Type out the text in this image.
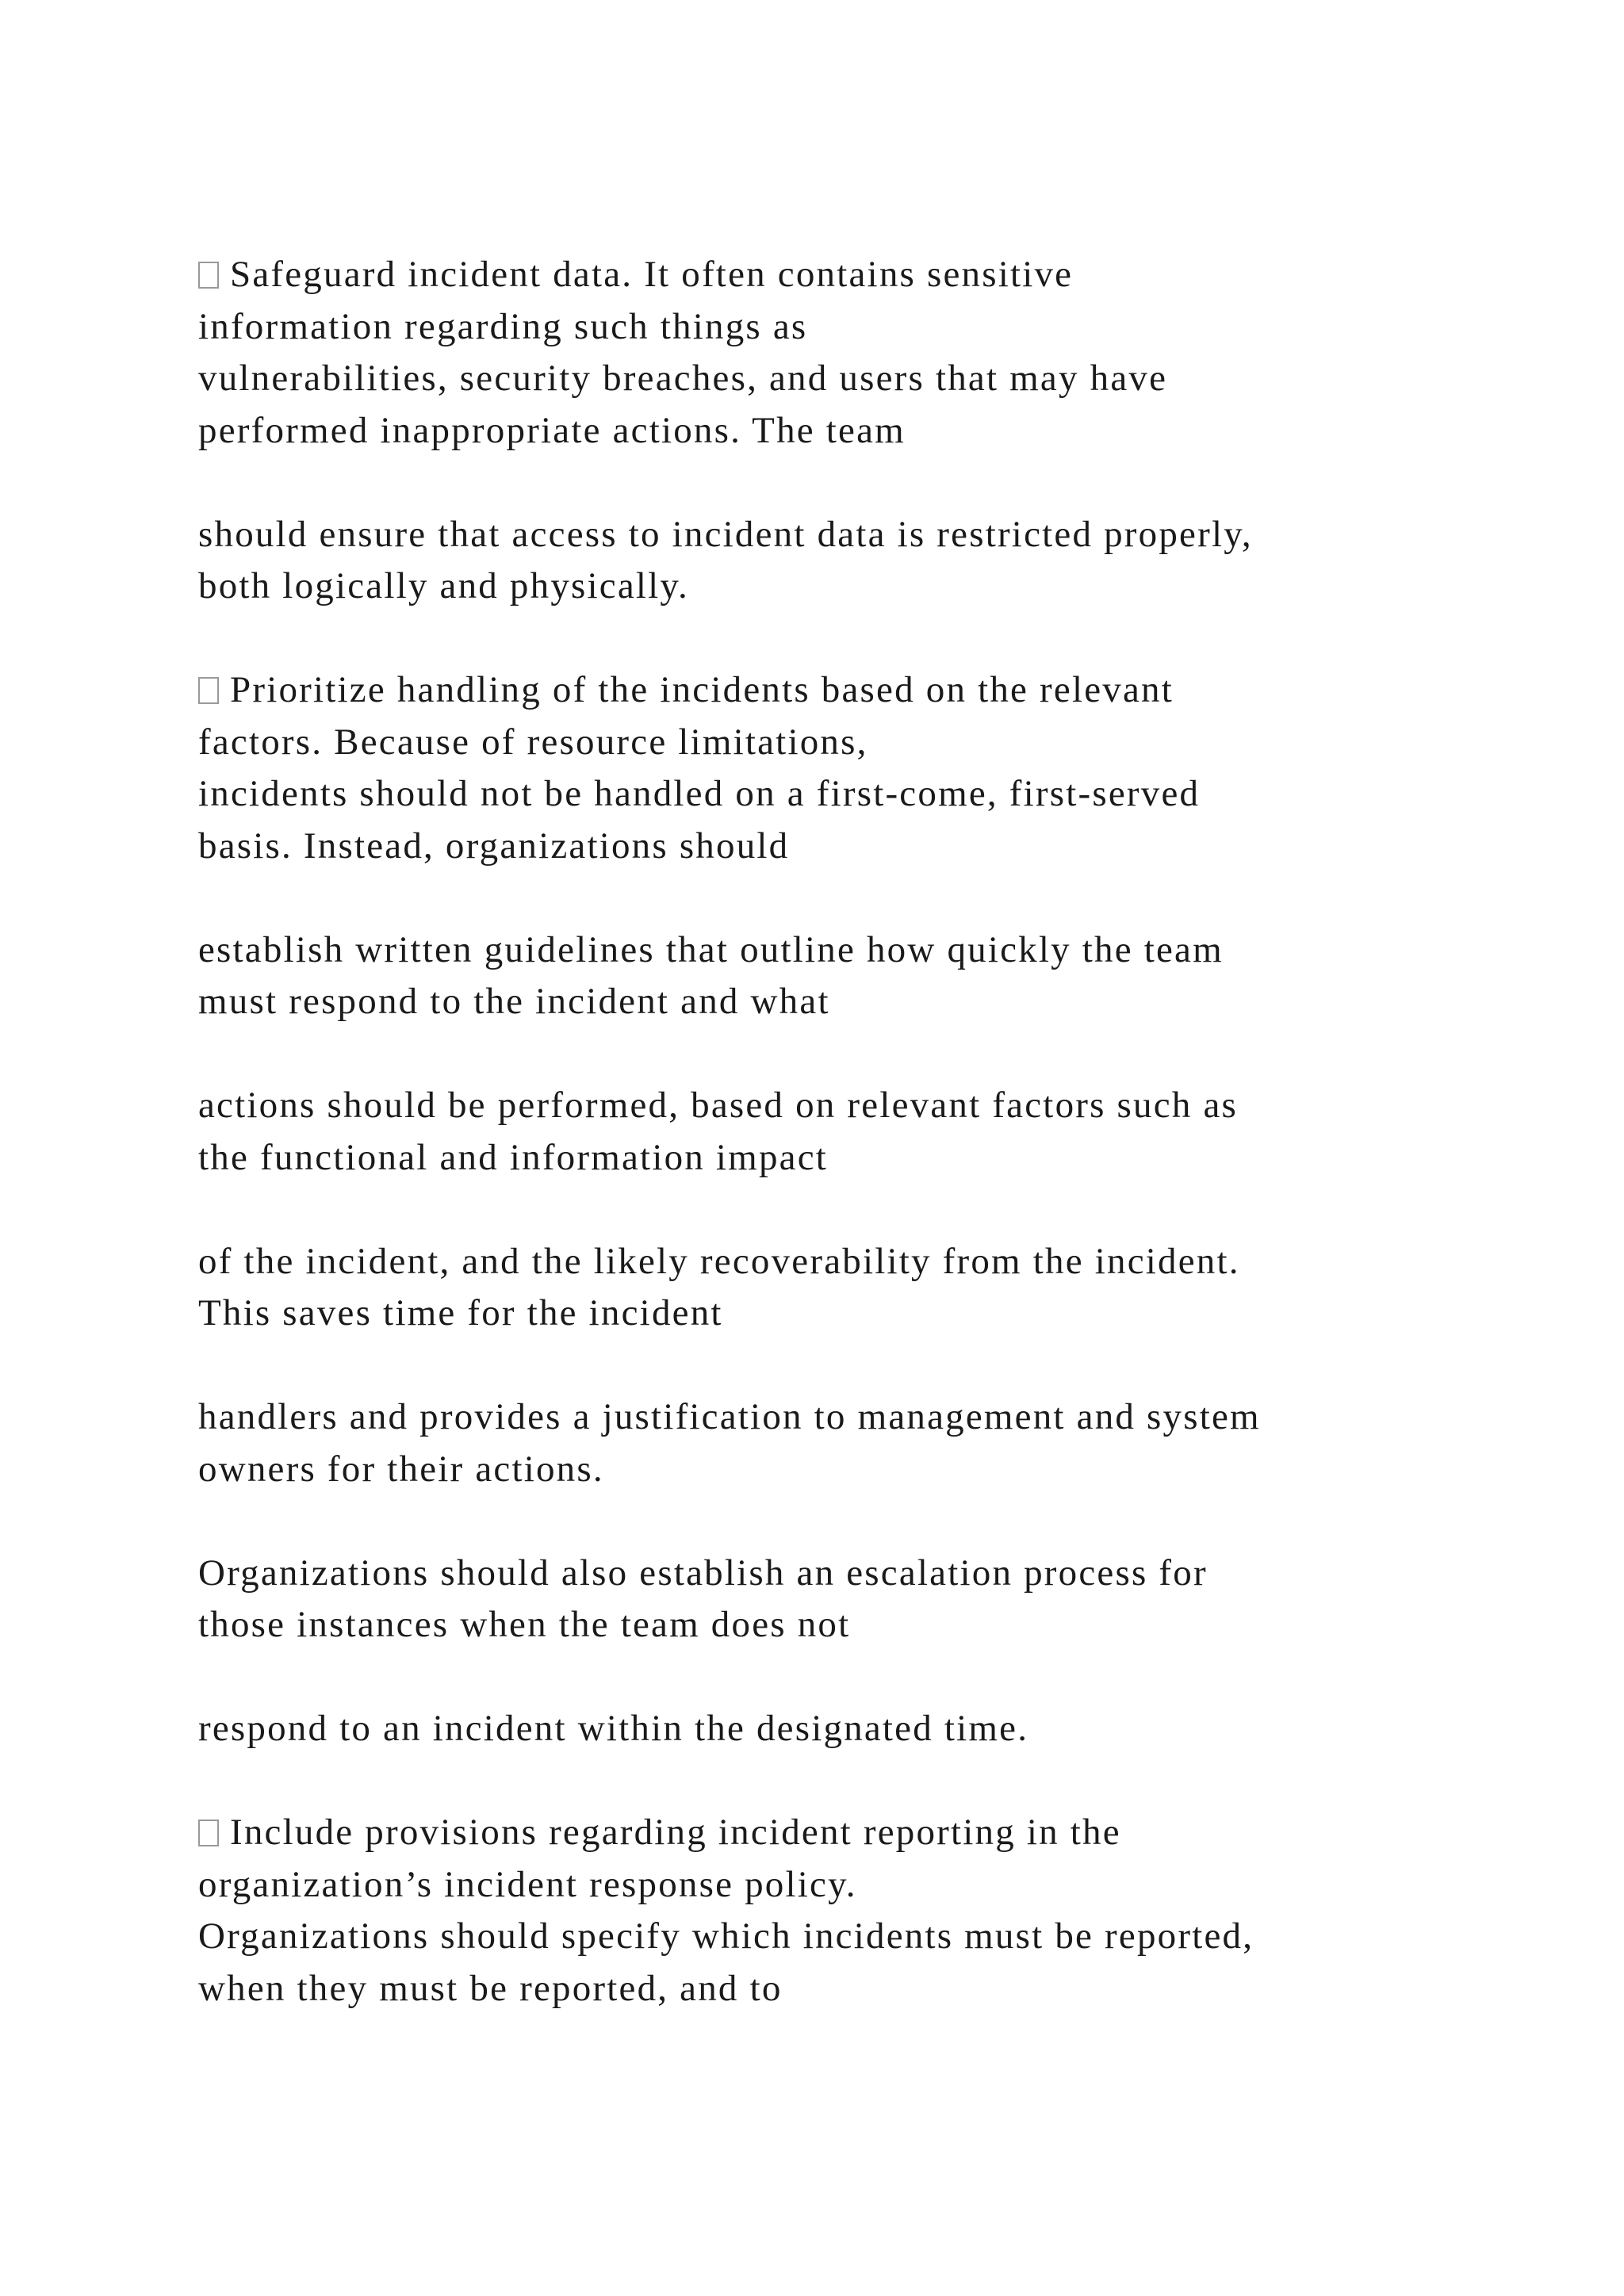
Safeguard incident data. It often contains sensitive
information regarding such things as
vulnerabilities, security breaches, and users that may have
performed inappropriate actions. The team
should ensure that access to incident data is restricted properly,
both logically and physically.
Prioritize handling of the incidents based on the relevant
factors. Because of resource limitations,
incidents should not be handled on a first-come, first-served
basis. Instead, organizations should
establish written guidelines that outline how quickly the team
must respond to the incident and what
actions should be performed, based on relevant factors such as
the functional and information impact
of the incident, and the likely recoverability from the incident.
This saves time for the incident
handlers and provides a justification to management and system
owners for their actions.
Organizations should also establish an escalation process for
those instances when the team does not
respond to an incident within the designated time.
Include provisions regarding incident reporting in the
organization’s incident response policy.
Organizations should specify which incidents must be reported,
when they must be reported, and to
